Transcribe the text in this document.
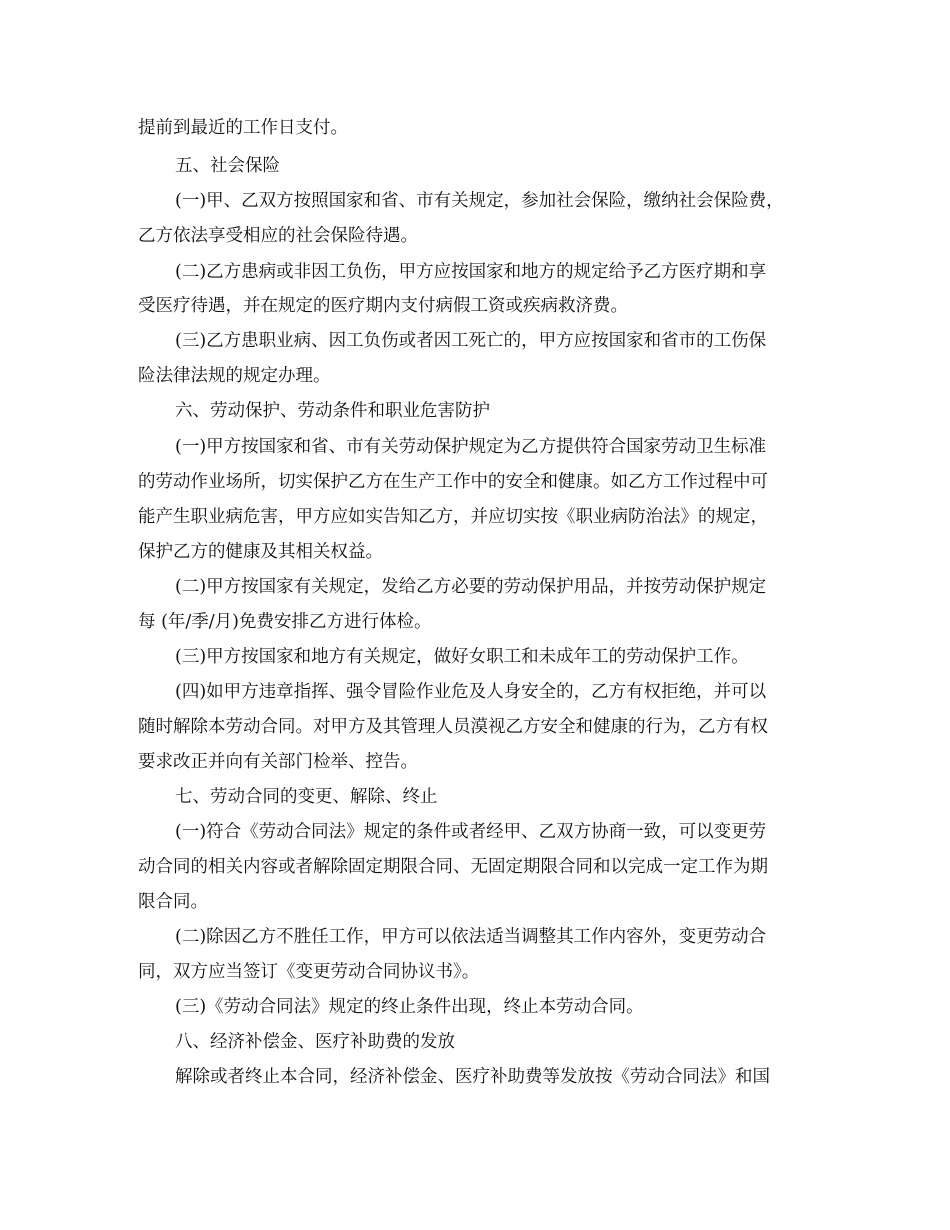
提前到最近的工作日支付。
五、社会保险
(一)甲、乙双方按照国家和省、市有关规定，参加社会保险，缴纳社会保险费，
乙方依法享受相应的社会保险待遇。
(二)乙方患病或非因工负伤，甲方应按国家和地方的规定给予乙方医疗期和享
受医疗待遇，并在规定的医疗期内支付病假工资或疾病救济费。
(三)乙方患职业病、因工负伤或者因工死亡的，甲方应按国家和省市的工伤保
险法律法规的规定办理。
六、劳动保护、劳动条件和职业危害防护
(一)甲方按国家和省、市有关劳动保护规定为乙方提供符合国家劳动卫生标准
的劳动作业场所，切实保护乙方在生产工作中的安全和健康。如乙方工作过程中可
能产生职业病危害，甲方应如实告知乙方，并应切实按《职业病防治法》的规定，
保护乙方的健康及其相关权益。
(二)甲方按国家有关规定，发给乙方必要的劳动保护用品，并按劳动保护规定
每 (年/季/月)免费安排乙方进行体检。
(三)甲方按国家和地方有关规定，做好女职工和未成年工的劳动保护工作。
(四)如甲方违章指挥、强令冒险作业危及人身安全的，乙方有权拒绝，并可以
随时解除本劳动合同。对甲方及其管理人员漠视乙方安全和健康的行为，乙方有权
要求改正并向有关部门检举、控告。
七、劳动合同的变更、解除、终止
(一)符合《劳动合同法》规定的条件或者经甲、乙双方协商一致，可以变更劳
动合同的相关内容或者解除固定期限合同、无固定期限合同和以完成一定工作为期
限合同。
(二)除因乙方不胜任工作，甲方可以依法适当调整其工作内容外，变更劳动合
同，双方应当签订《变更劳动合同协议书》。
(三)《劳动合同法》规定的终止条件出现，终止本劳动合同。
八、经济补偿金、医疗补助费的发放
解除或者终止本合同，经济补偿金、医疗补助费等发放按《劳动合同法》和国
